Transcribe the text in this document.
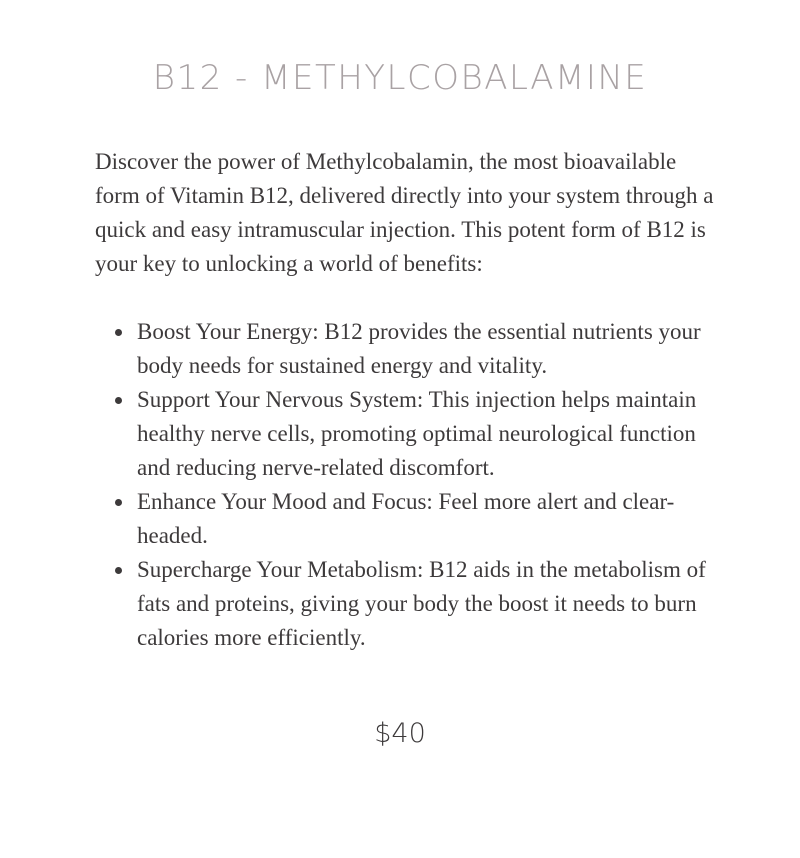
B12 - METHYLCOBALAMINE

Discover the power of Methylcobalamin, the most bioavailable form of Vitamin B12, delivered directly into your system through a quick and easy intramuscular injection. This potent form of B12 is your key to unlocking a world of benefits:

Boost Your Energy: B12 provides the essential nutrients your body needs for sustained energy and vitality.
Support Your Nervous System: This injection helps maintain healthy nerve cells, promoting optimal neurological function and reducing nerve-related discomfort.
Enhance Your Mood and Focus: Feel more alert and clear-headed.
Supercharge Your Metabolism: B12 aids in the metabolism of fats and proteins, giving your body the boost it needs to burn calories more efficiently.
$40
